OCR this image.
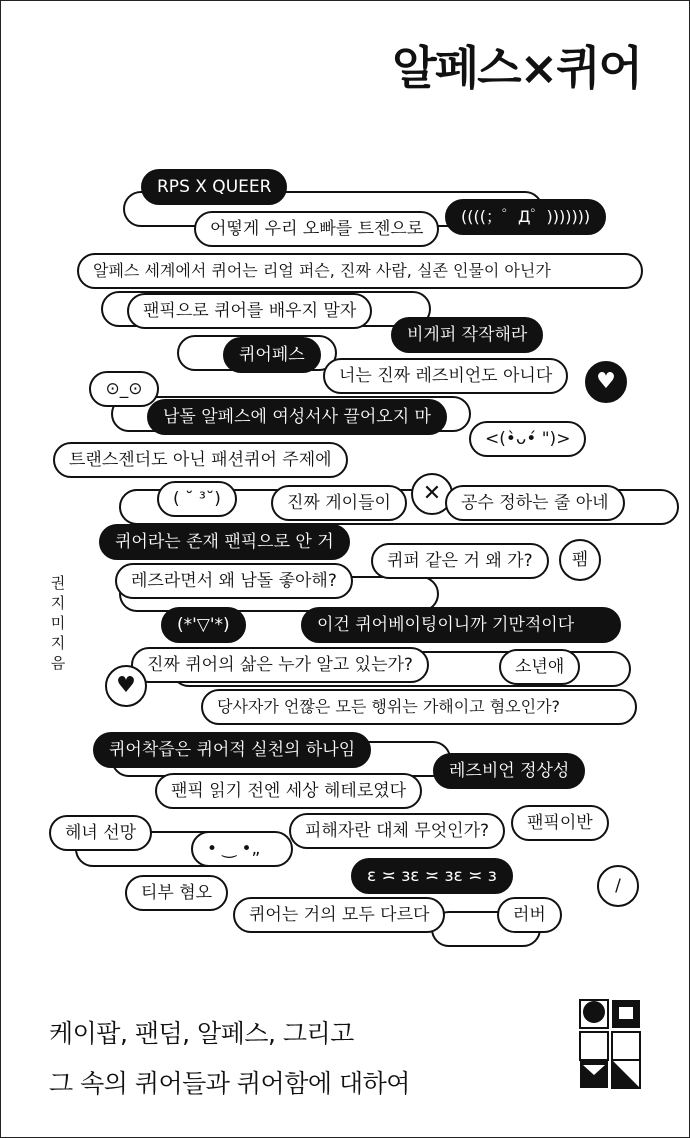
알페스×퀴어
RPS X QUEER
어떻게 우리 오빠를 트젠으로
((((；゜Д゜)))))))
알페스 세계에서 퀴어는 리얼 퍼슨, 진짜 사람, 실존 인물이 아닌가
팬픽으로 퀴어를 배우지 말자
비게퍼 작작해라
퀴어페스
너는 진짜 레즈비언도 아니다
⊙_⊙	♥
남돌 알페스에 여성서사 끌어오지 마
<(•̀ᴗ•́ ")>
트랜스젠더도 아닌 패션퀴어 주제에
( ˘ ³˘)	진짜 게이들이	✕	공수 정하는 줄 아네
퀴어라는 존재 팬픽으로 안 거
퀴퍼 같은 거 왜 가?	펨
레즈라면서 왜 남돌 좋아해?
(*'▽'*)	이건 퀴어베이팅이니까 기만적이다
진짜 퀴어의 삶은 누가 알고 있는가?	소년애
♥
당사자가 언짢은 모든 행위는 가해이고 혐오인가?
퀴어착즙은 퀴어적 실천의 하나임
레즈비언 정상성
팬픽 읽기 전엔 세상 헤테로였다
헤녀 선망	팬픽이반
• ‿ •„
피해자란 대체 무엇인가?
ɛ ≍ ɜɛ ≍ ɜɛ ≍ ɜ	/
티부 혐오
퀴어는 거의 모두 다르다	러버
권지미 지음
케이팝, 팬덤, 알페스, 그리고
그 속의 퀴어들과 퀴어함에 대하여
